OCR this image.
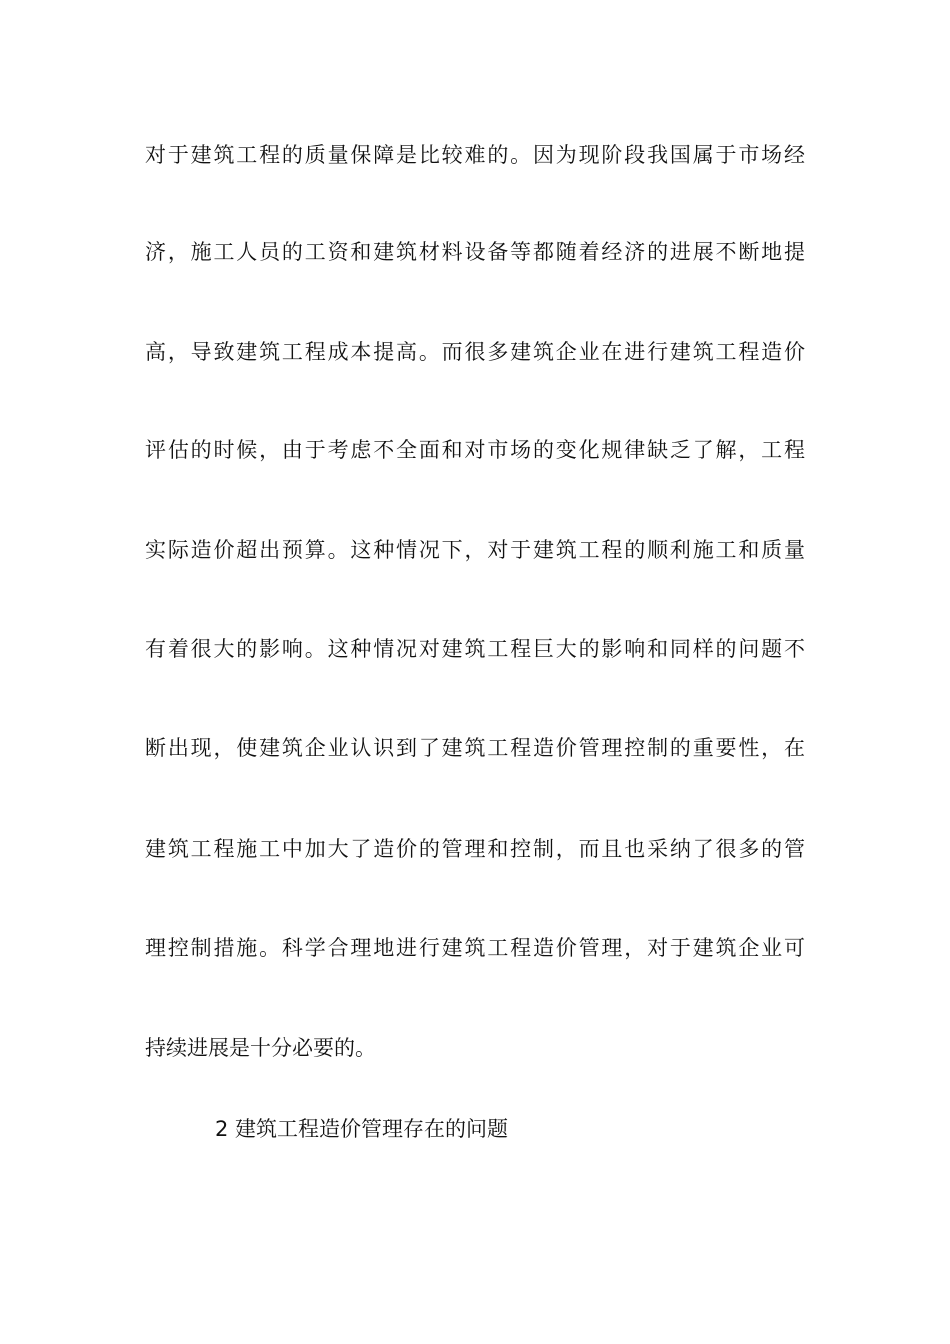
对于建筑工程的质量保障是比较难的。因为现阶段我国属于市场经
济，施工人员的工资和建筑材料设备等都随着经济的进展不断地提
高，导致建筑工程成本提高。而很多建筑企业在进行建筑工程造价
评估的时候，由于考虑不全面和对市场的变化规律缺乏了解，工程
实际造价超出预算。这种情况下，对于建筑工程的顺利施工和质量
有着很大的影响。这种情况对建筑工程巨大的影响和同样的问题不
断出现，使建筑企业认识到了建筑工程造价管理控制的重要性，在
建筑工程施工中加大了造价的管理和控制，而且也采纳了很多的管
理控制措施。科学合理地进行建筑工程造价管理，对于建筑企业可
持续进展是十分必要的。
2 建筑工程造价管理存在的问题
